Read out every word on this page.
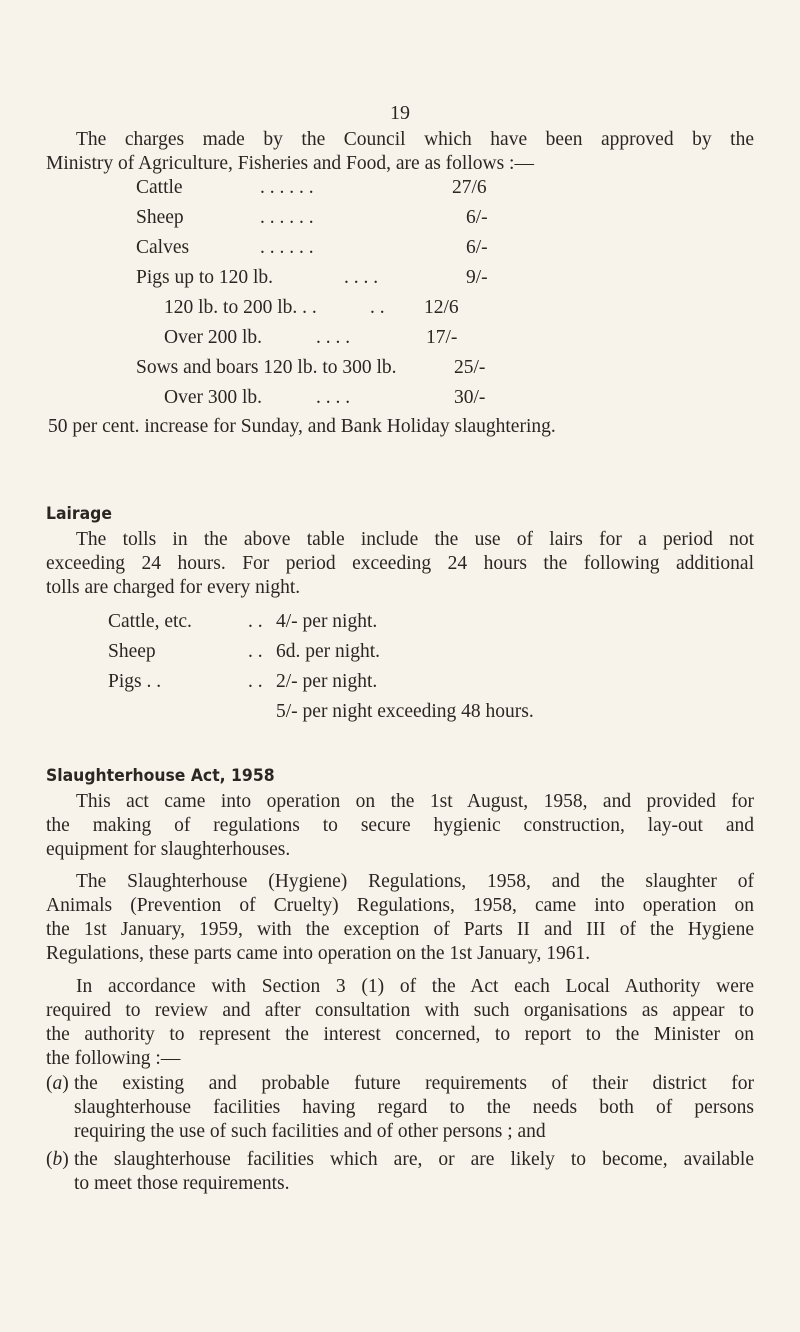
19
The charges made by the Council which have been approved by the
Ministry of Agriculture, Fisheries and Food, are as follows :—
Cattle	. . . . . .	27/6
Sheep	. . . . . .	6/-
Calves	. . . . . .	6/-
Pigs up to 120 lb.	. . . .	9/-
120 lb. to 200 lb. . .	. . 12/6
Over 200 lb.	. . . .	17/-
Sows and boars 120 lb. to 300 lb.	25/-
Over 300 lb.	. . . .	30/-
50 per cent. increase for Sunday, and Bank Holiday slaughtering.
Lairage
The tolls in the above table include the use of lairs for a period not
exceeding 24 hours. For period exceeding 24 hours the following additional
tolls are charged for every night.
Cattle, etc.	. . 4/- per night.
Sheep	. . 6d. per night.
Pigs . .	. . 2/- per night.
5/- per night exceeding 48 hours.
Slaughterhouse Act, 1958
This act came into operation on the 1st August, 1958, and provided for
the making of regulations to secure hygienic construction, lay-out and
equipment for slaughterhouses.
The Slaughterhouse (Hygiene) Regulations, 1958, and the slaughter of
Animals (Prevention of Cruelty) Regulations, 1958, came into operation on
the 1st January, 1959, with the exception of Parts II and III of the Hygiene
Regulations, these parts came into operation on the 1st January, 1961.
In accordance with Section 3 (1) of the Act each Local Authority were
required to review and after consultation with such organisations as appear to
the authority to represent the interest concerned, to report to the Minister on
the following :—
(a) the existing and probable future requirements of their district for
slaughterhouse facilities having regard to the needs both of persons
requiring the use of such facilities and of other persons ; and
(b) the slaughterhouse facilities which are, or are likely to become, available
to meet those requirements.
